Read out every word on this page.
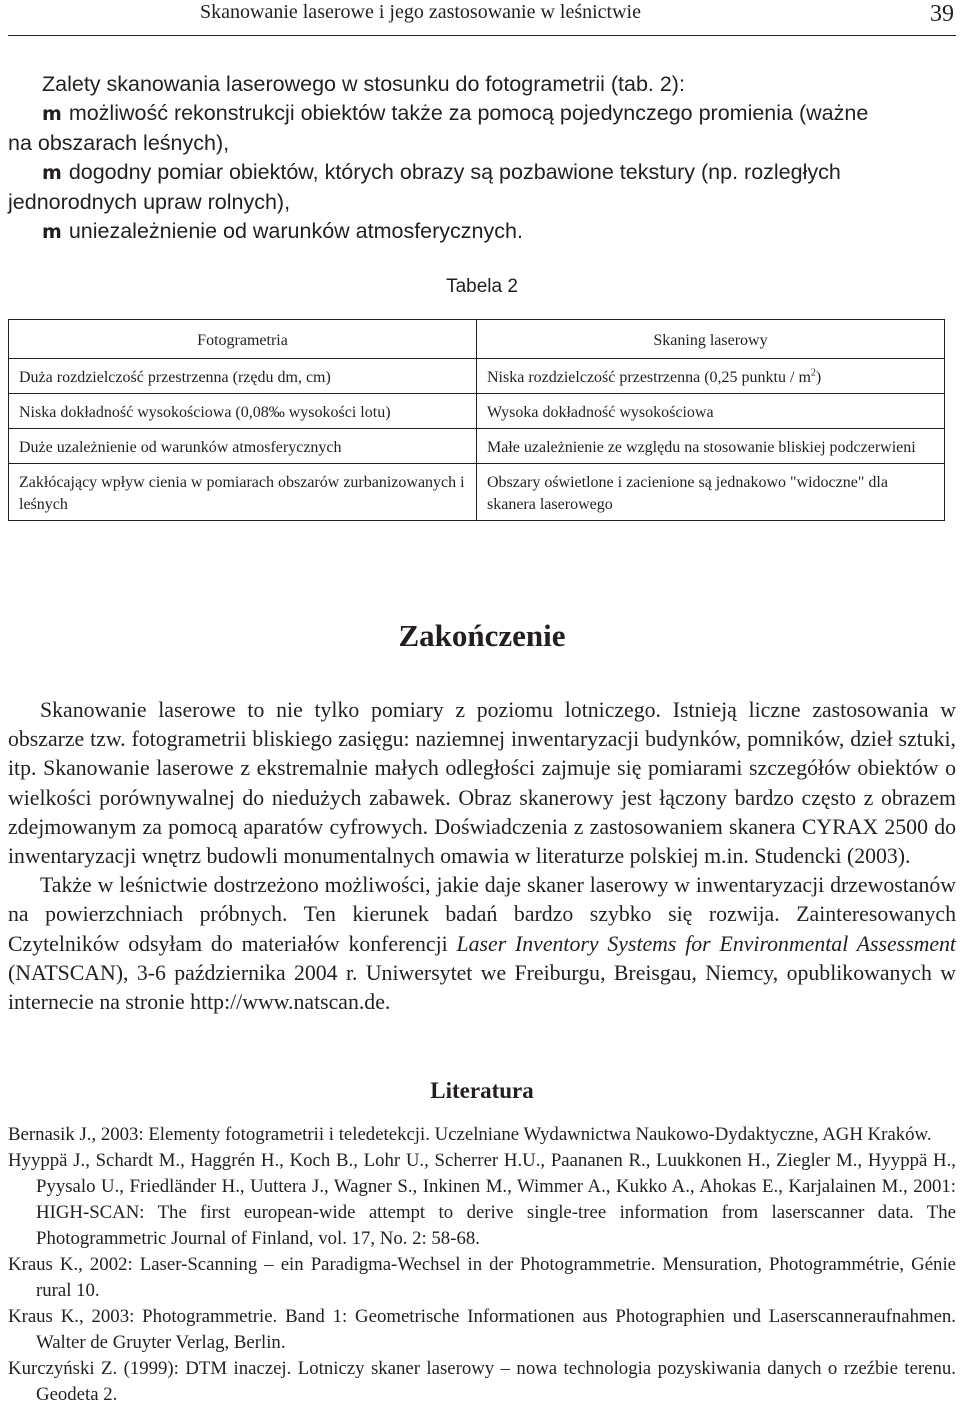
Skanowanie laserowe i jego zastosowanie w leśnictwie	39

Zalety skanowania laserowego w stosunku do fotogrametrii (tab. 2):

m możliwość rekonstrukcji obiektów także za pomocą pojedynczego promienia (ważne

na obszarach leśnych),

m dogodny pomiar obiektów, których obrazy są pozbawione tekstury (np. rozległych

jednorodnych upraw rolnych),

m uniezależnienie od warunków atmosferycznych.

Tabela 2
Fotogrametria	Skaning laserowy
Duża rozdzielczość przestrzenna (rzędu dm, cm)	Niska rozdzielczość przestrzenna (0,25 punktu / $m^2$)
Niska dokładność wysokościowa (0,08‰ wysokości lotu)	Wysoka dokładność wysokościowa
Duże uzależnienie od warunków atmosferycznych	Małe uzależnienie ze względu na stosowanie bliskiej podczerwieni
Zakłócający wpływ cienia w pomiarach obszarów zurbanizowanych i leśnych	Obszary oświetlone i zacienione są jednakowo "widoczne" dla skanera laserowego
Zakończenie

Skanowanie laserowe to nie tylko pomiary z poziomu lotniczego. Istnieją liczne zastosowania w obszarze tzw. fotogrametrii bliskiego zasięgu: naziemnej inwentaryzacji budynków, pomników, dzieł sztuki, itp. Skanowanie laserowe z ekstremalnie małych odległości zajmuje się pomiarami szczegółów obiektów o wielkości porównywalnej do niedużych zabawek. Obraz skanerowy jest łączony bardzo często z obrazem zdejmowanym za pomocą aparatów cyfrowych. Doświadczenia z zastosowaniem skanera CYRAX 2500 do inwentaryzacji wnętrz budowli monumentalnych omawia w literaturze polskiej m.in. Studencki (2003).

Także w leśnictwie dostrzeżono możliwości, jakie daje skaner laserowy w inwentaryzacji drzewostanów na powierzchniach próbnych. Ten kierunek badań bardzo szybko się rozwija. Zainteresowanych Czytelników odsyłam do materiałów konferencji Laser Inventory Systems for Environmental Assessment (NATSCAN), 3-6 października 2004 r. Uniwersytet we Freiburgu, Breisgau, Niemcy, opublikowanych w internecie na stronie http://www.natscan.de.

Literatura

Bernasik J., 2003: Elementy fotogrametrii i teledetekcji. Uczelniane Wydawnictwa Naukowo-Dydaktyczne, AGH Kraków.

Hyyppä J., Schardt M., Haggrén H., Koch B., Lohr U., Scherrer H.U., Paananen R., Luukkonen H., Ziegler M., Hyyppä H., Pyysalo U., Friedländer H., Uuttera J., Wagner S., Inkinen M., Wimmer A., Kukko A., Ahokas E., Karjalainen M., 2001: HIGH-SCAN: The first european-wide attempt to derive single-tree information from laserscanner data. The Photogrammetric Journal of Finland, vol. 17, No. 2: 58-68.

Kraus K., 2002: Laser-Scanning – ein Paradigma-Wechsel in der Photogrammetrie. Mensuration, Photogrammétrie, Génie rural 10.

Kraus K., 2003: Photogrammetrie. Band 1: Geometrische Informationen aus Photographien und Laserscanneraufnahmen. Walter de Gruyter Verlag, Berlin.

Kurczyński Z. (1999): DTM inaczej. Lotniczy skaner laserowy – nowa technologia pozyskiwania danych o rzeźbie terenu. Geodeta 2.
